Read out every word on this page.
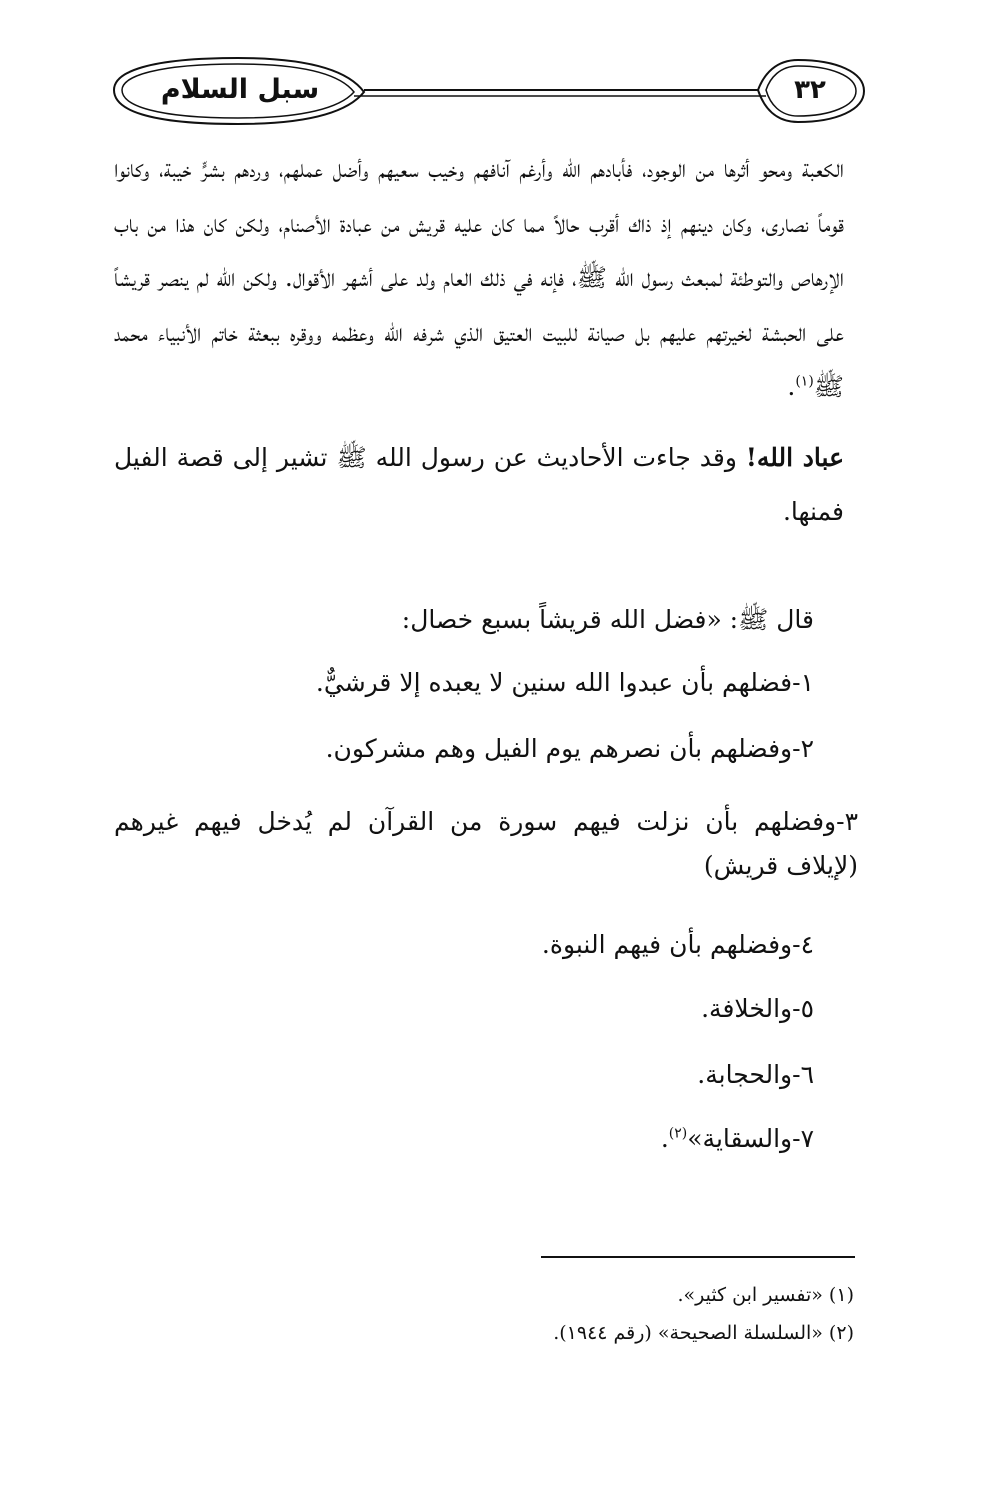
سبل السلام	٣٢

الكعبة ومحو أثرها من الوجود، فأبادهم الله وأرغم آنافهم وخيب سعيهم وأضل عملهم، وردهم بشرٍّ خيبة، وكانوا قوماً نصارى، وكان دينهم إذ ذاك أقرب حالاً مما كان عليه قريش من عبادة الأصنام، ولكن كان هذا من باب الإرهاص والتوطئة لمبعث رسول الله ﷺ، فإنه في ذلك العام ولد على أشهر الأقوال. ولكن الله لم ينصر قريشاً على الحبشة لخيرتهم عليهم بل صيانة للبيت العتيق الذي شرفه الله وعظمه ووقره ببعثة خاتم الأنبياء محمد ﷺ$^{(١)}$.

عباد الله! وقد جاءت الأحاديث عن رسول الله ﷺ تشير إلى قصة الفيل فمنها.

قال ﷺ: «فضل الله قريشاً بسبع خصال:
١-فضلهم بأن عبدوا الله سنين لا يعبده إلا قرشيٌّ.
٢-وفضلهم بأن نصرهم يوم الفيل وهم مشركون.
٣-وفضلهم بأن نزلت فيهم سورة من القرآن لم يُدخل فيهم غيرهم (لإيلاف قريش)
٤-وفضلهم بأن فيهم النبوة.
٥-والخلافة.
٦-والحجابة.
٧-والسقاية»$^{(٢)}$.

(١) «تفسير ابن كثير».

(٢) «السلسلة الصحيحة» (رقم ١٩٤٤).
